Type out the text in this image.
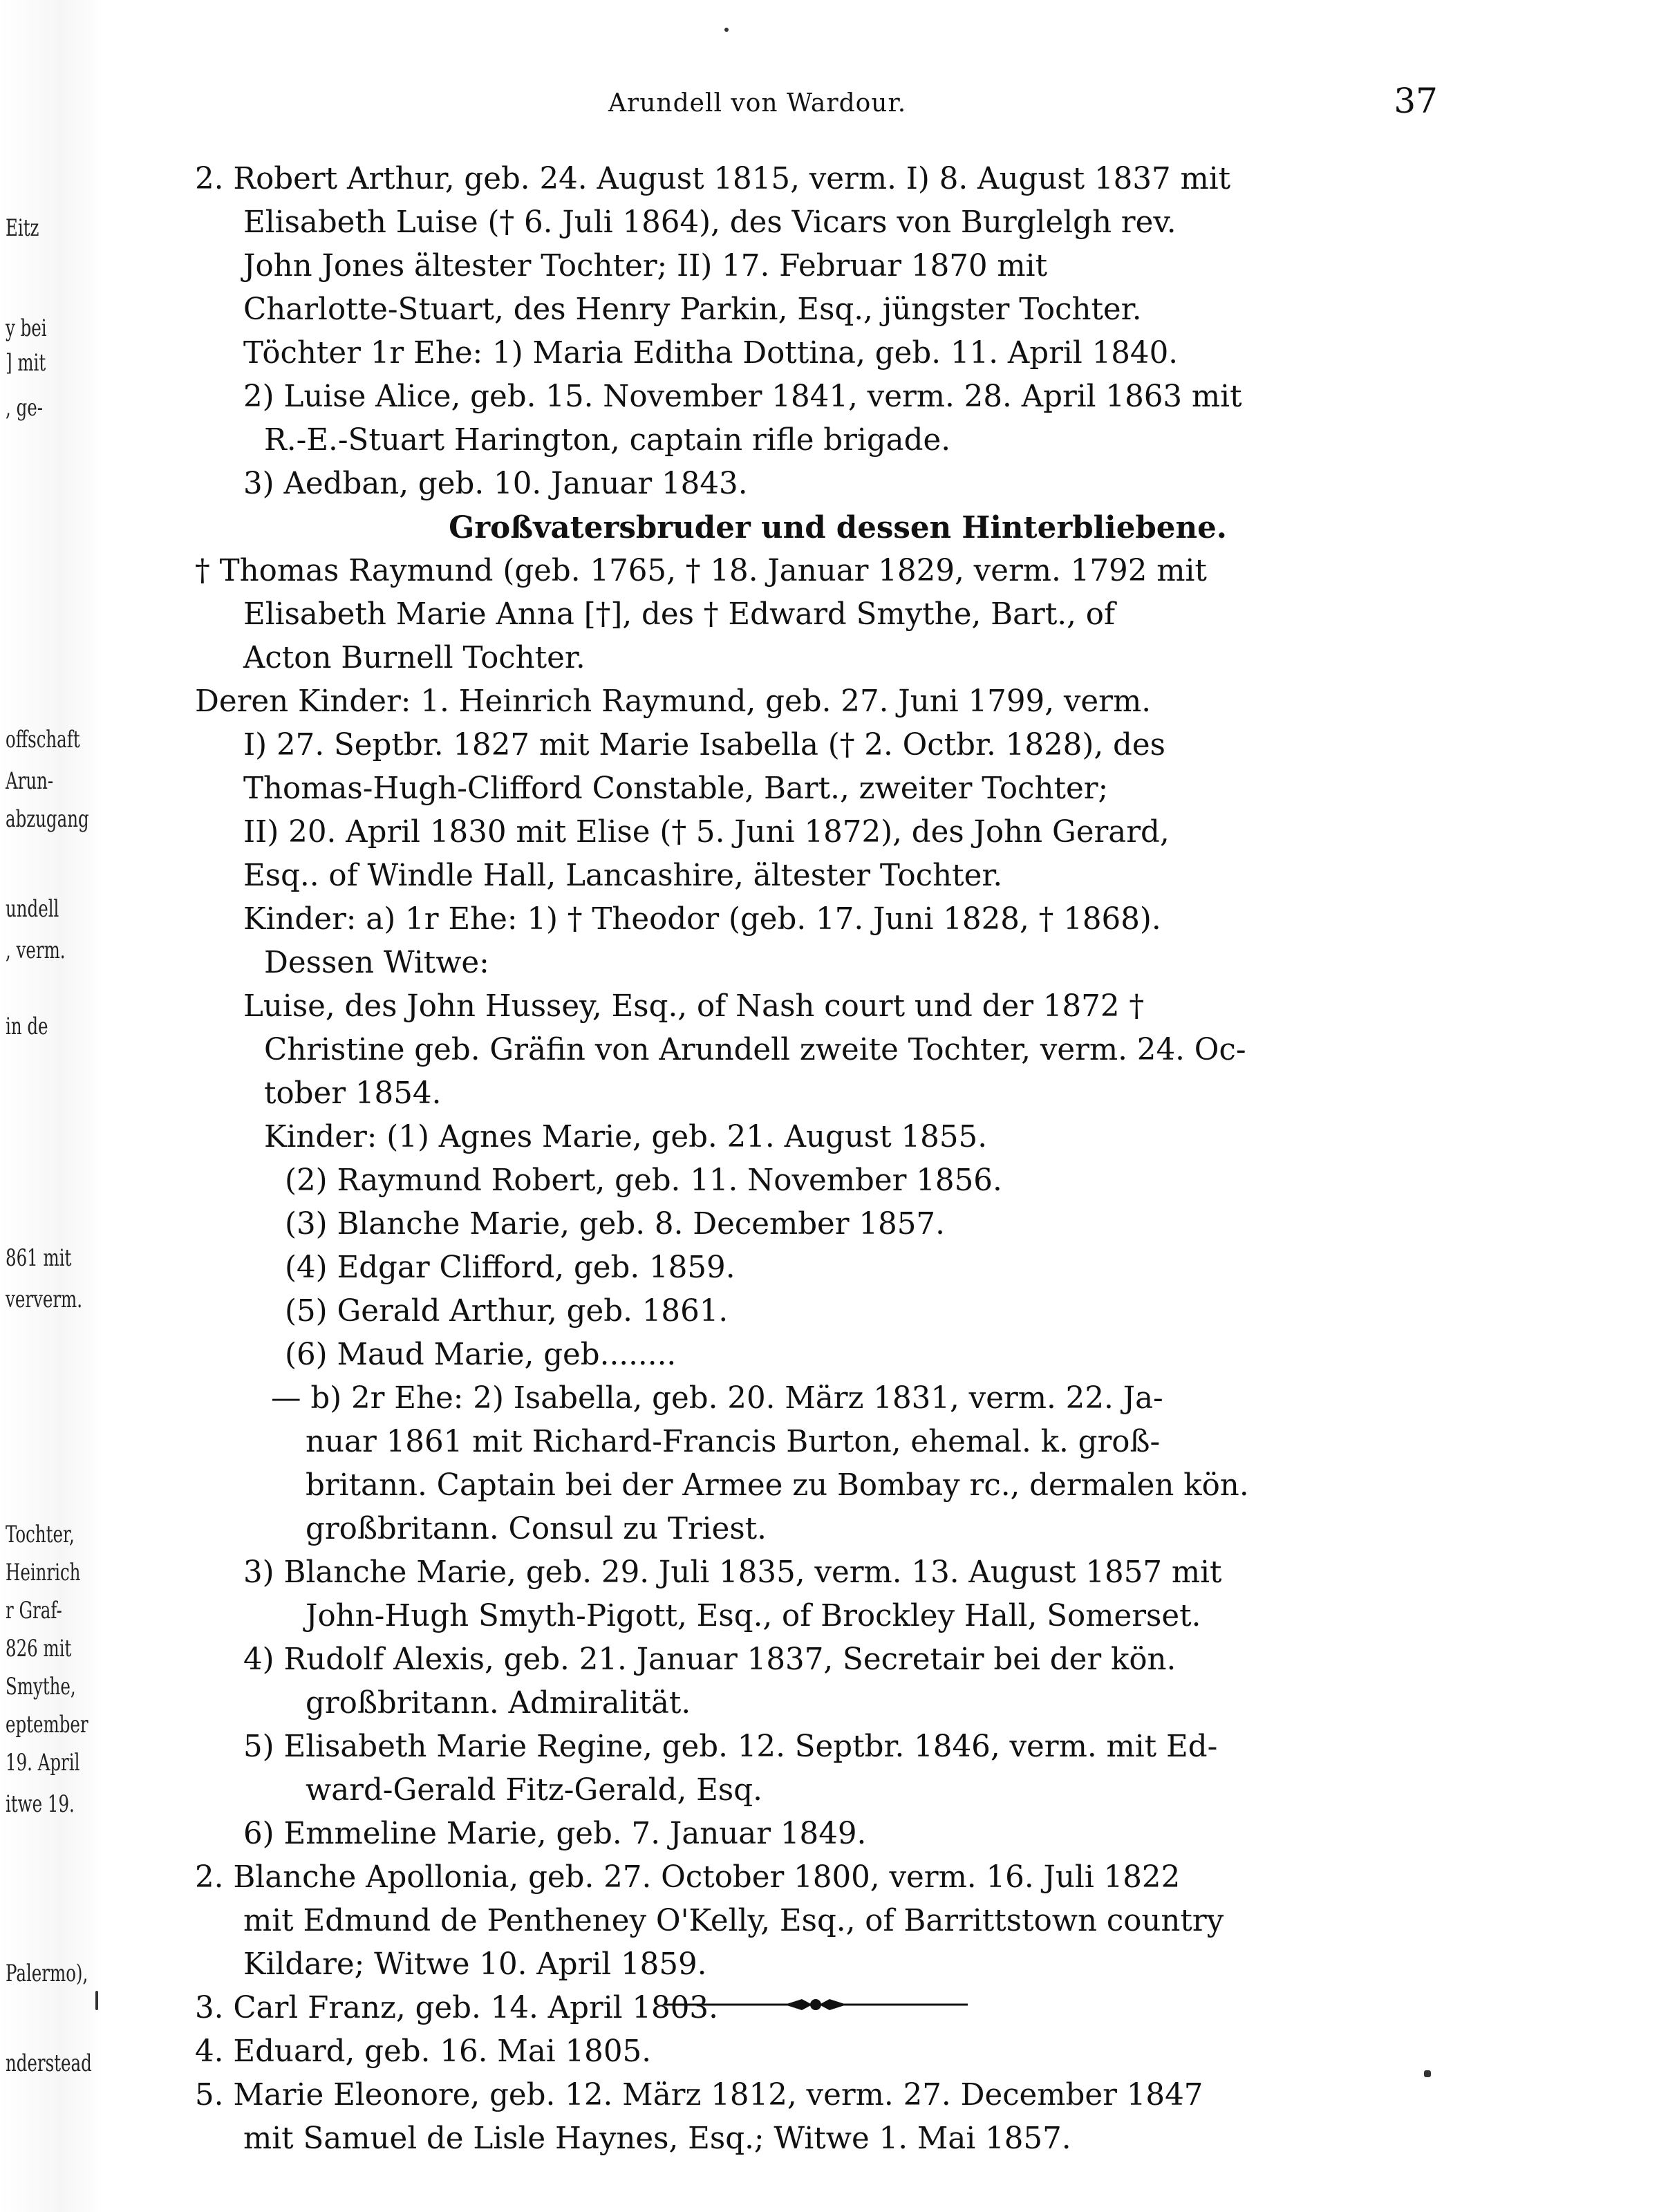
Eitz
y bei
] mit
, ge-
offschaft
Arun-
abzugang
undell
, verm.
in de
861 mit
ververm.
Tochter,
Heinrich
r Graf-
826 mit
Smythe,
eptember
19. April
itwe 19.
Palermo),
nderstead
Arundell von Wardour.	37
2. Robert Arthur, geb. 24. August 1815, verm. I) 8. August 1837 mit
Elisabeth Luise († 6. Juli 1864), des Vicars von Burglelgh rev.
John Jones ältester Tochter; II) 17. Februar 1870 mit
Charlotte-Stuart, des Henry Parkin, Esq., jüngster Tochter.
Töchter 1r Ehe: 1) Maria Editha Dottina, geb. 11. April 1840.
2) Luise Alice, geb. 15. November 1841, verm. 28. April 1863 mit
R.-E.-Stuart Harington, captain rifle brigade.
3) Aedban, geb. 10. Januar 1843.
Großvatersbruder und dessen Hinterbliebene.
† Thomas Raymund (geb. 1765, † 18. Januar 1829, verm. 1792 mit
Elisabeth Marie Anna [†], des † Edward Smythe, Bart., of
Acton Burnell Tochter.
Deren Kinder: 1. Heinrich Raymund, geb. 27. Juni 1799, verm.
I) 27. Septbr. 1827 mit Marie Isabella († 2. Octbr. 1828), des
Thomas-Hugh-Clifford Constable, Bart., zweiter Tochter;
II) 20. April 1830 mit Elise († 5. Juni 1872), des John Gerard,
Esq.. of Windle Hall, Lancashire, ältester Tochter.
Kinder: a) 1r Ehe: 1) † Theodor (geb. 17. Juni 1828, † 1868).
Dessen Witwe:
Luise, des John Hussey, Esq., of Nash court und der 1872 †
Christine geb. Gräfin von Arundell zweite Tochter, verm. 24. Oc-
tober 1854.
Kinder: (1) Agnes Marie, geb. 21. August 1855.
(2) Raymund Robert, geb. 11. November 1856.
(3) Blanche Marie, geb. 8. December 1857.
(4) Edgar Clifford, geb. 1859.
(5) Gerald Arthur, geb. 1861.
(6) Maud Marie, geb........
— b) 2r Ehe: 2) Isabella, geb. 20. März 1831, verm. 22. Ja-
nuar 1861 mit Richard-Francis Burton, ehemal. k. groß-
britann. Captain bei der Armee zu Bombay rc., dermalen kön.
großbritann. Consul zu Triest.
3) Blanche Marie, geb. 29. Juli 1835, verm. 13. August 1857 mit
John-Hugh Smyth-Pigott, Esq., of Brockley Hall, Somerset.
4) Rudolf Alexis, geb. 21. Januar 1837, Secretair bei der kön.
großbritann. Admiralität.
5) Elisabeth Marie Regine, geb. 12. Septbr. 1846, verm. mit Ed-
ward-Gerald Fitz-Gerald, Esq.
6) Emmeline Marie, geb. 7. Januar 1849.
2. Blanche Apollonia, geb. 27. October 1800, verm. 16. Juli 1822
mit Edmund de Pentheney O'Kelly, Esq., of Barrittstown country
Kildare; Witwe 10. April 1859.
3. Carl Franz, geb. 14. April 1803.
4. Eduard, geb. 16. Mai 1805.
5. Marie Eleonore, geb. 12. März 1812, verm. 27. December 1847
mit Samuel de Lisle Haynes, Esq.; Witwe 1. Mai 1857.
